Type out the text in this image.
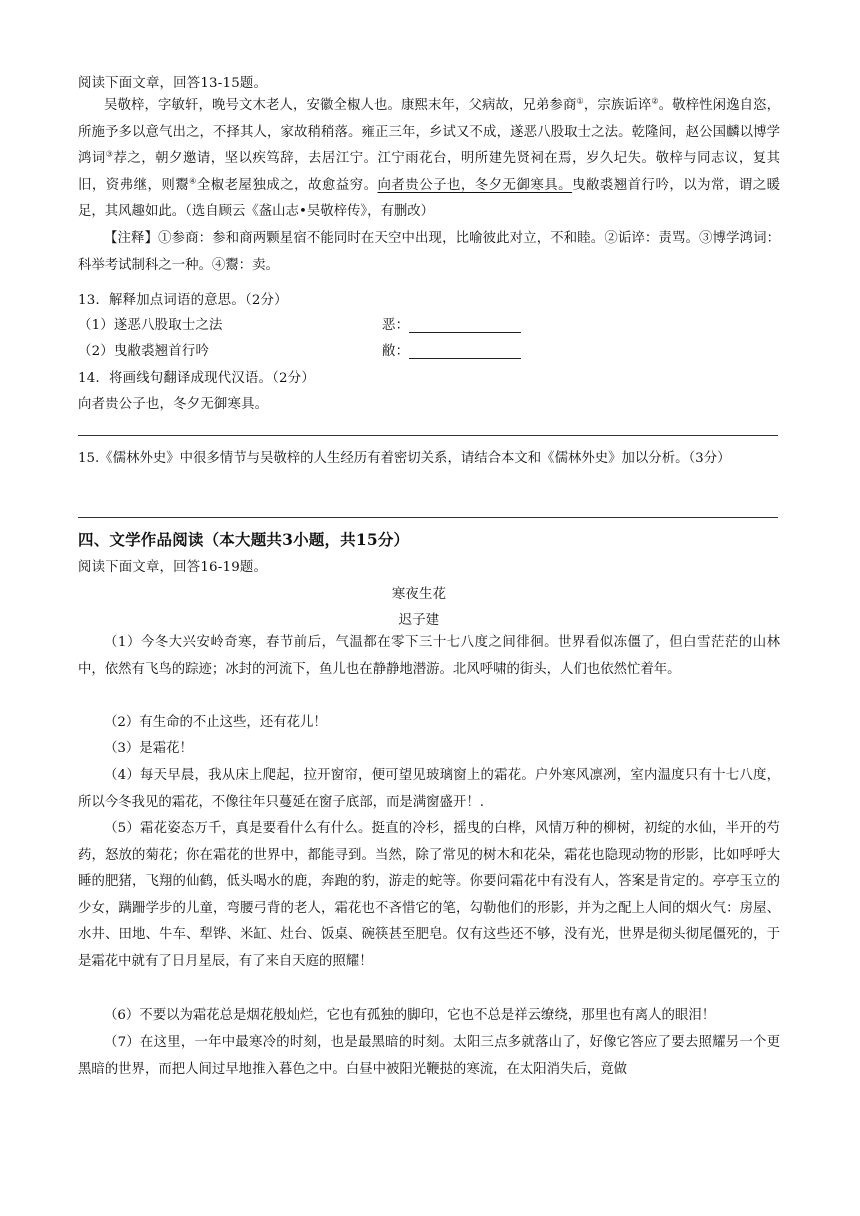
阅读下面文章，回答13-15题。
吴敬梓，字敏轩，晚号文木老人，安徽全椒人也。康熙末年，父病故，兄弟参商①，宗族诟谇②。敬梓性闲逸自恣，所施予多以意气出之，不择其人，家故稍稍落。雍正三年，乡试又不成，遂恶八股取士之法。乾隆间，赵公国麟以博学鸿词③荐之，朝夕邀请，坚以疾笃辞，去居江宁。江宁雨花台，明所建先贤祠在焉，岁久圮失。敬梓与同志议，复其旧，资弗继，则鬻④全椒老屋独成之，故愈益穷。向者贵公子也，冬夕无御寒具。曳敝裘翘首行吟，以为常，谓之暖足，其风趣如此。（选自顾云《盋山志•吴敬梓传》，有删改）
【注释】①参商：参和商两颗星宿不能同时在天空中出现，比喻彼此对立，不和睦。②诟谇：责骂。③博学鸿词：科举考试制科之一种。④鬻：卖。
13．解释加点词语的意思。（2分）
（1）遂恶八股取士之法	恶：
（2）曳敝裘翘首行吟	敝：
14．将画线句翻译成现代汉语。（2分）
向者贵公子也，冬夕无御寒具。
15.《儒林外史》中很多情节与吴敬梓的人生经历有着密切关系，请结合本文和《儒林外史》加以分析。（3分）
四、文学作品阅读（本大题共3小题，共15分）
阅读下面文章，回答16-19题。
寒夜生花
迟子建
（1）今冬大兴安岭奇寒，春节前后，气温都在零下三十七八度之间徘徊。世界看似冻僵了，但白雪茫茫的山林中，依然有飞鸟的踪迹；冰封的河流下，鱼儿也在静静地潜游。北风呼啸的街头，人们也依然忙着年。
（2）有生命的不止这些，还有花儿！
（3）是霜花！
（4）每天早晨，我从床上爬起，拉开窗帘，便可望见玻璃窗上的霜花。户外寒风凛冽，室内温度只有十七八度，所以今冬我见的霜花，不像往年只蔓延在窗子底部，而是满窗盛开！.
（5）霜花姿态万千，真是要看什么有什么。挺直的冷杉，摇曳的白桦，风情万种的柳树，初绽的水仙，半开的芍药，怒放的菊花；你在霜花的世界中，都能寻到。当然，除了常见的树木和花朵，霜花也隐现动物的形影，比如呼呼大睡的肥猪，飞翔的仙鹤，低头喝水的鹿，奔跑的豹，游走的蛇等。你要问霜花中有没有人，答案是肯定的。亭亭玉立的少女，蹒跚学步的儿童，弯腰弓背的老人，霜花也不吝惜它的笔，勾勒他们的形影，并为之配上人间的烟火气：房屋、水井、田地、牛车、犁铧、米缸、灶台、饭桌、碗筷甚至肥皂。仅有这些还不够，没有光，世界是彻头彻尾僵死的，于是霜花中就有了日月星辰，有了来自天庭的照耀！
（6）不要以为霜花总是烟花般灿烂，它也有孤独的脚印，它也不总是祥云缭绕，那里也有离人的眼泪！
（7）在这里，一年中最寒冷的时刻，也是最黑暗的时刻。太阳三点多就落山了，好像它答应了要去照耀另一个更黑暗的世界，而把人间过早地推入暮色之中。白昼中被阳光鞭挞的寒流，在太阳消失后，竟做
